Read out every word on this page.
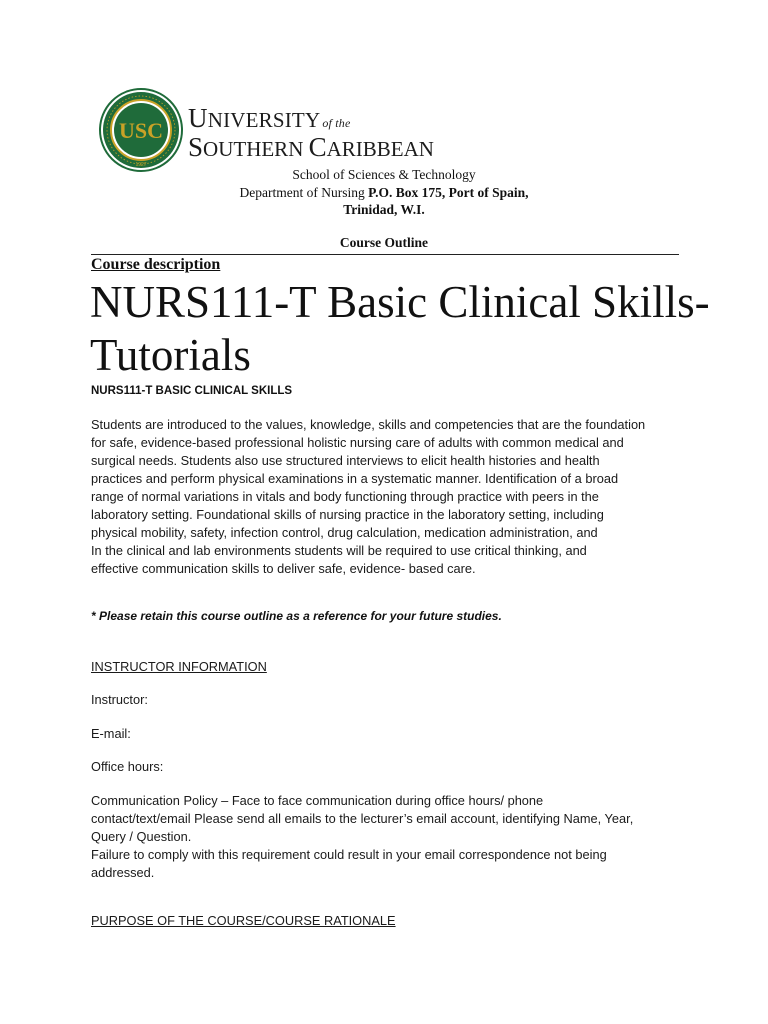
USC
1927
UNIVERSITY of the
SOUTHERN CARIBBEAN
School of Sciences & Technology
Department of Nursing P.O. Box 175, Port of Spain,
Trinidad, W.I.
Course Outline
Course description
NURS111-T Basic Clinical Skills-Tutorials
NURS111-T BASIC CLINICAL SKILLS
Students are introduced to the values, knowledge, skills and competencies that are the foundation
for safe, evidence-based professional holistic nursing care of adults with common medical and
surgical needs. Students also use structured interviews to elicit health histories and health
practices and perform physical examinations in a systematic manner. Identification of a broad
range of normal variations in vitals and body functioning through practice with peers in the
laboratory setting. Foundational skills of nursing practice in the laboratory setting, including
physical mobility, safety, infection control, drug calculation, medication administration, and
In the clinical and lab environments students will be required to use critical thinking, and
effective communication skills to deliver safe, evidence- based care.
* Please retain this course outline as a reference for your future studies.
INSTRUCTOR INFORMATION
Instructor:
E-mail:
Office hours:
Communication Policy – Face to face communication during office hours/ phone
contact/text/email Please send all emails to the lecturer’s email account, identifying Name, Year,
Query / Question.
Failure to comply with this requirement could result in your email correspondence not being
addressed.
PURPOSE OF THE COURSE/COURSE RATIONALE
